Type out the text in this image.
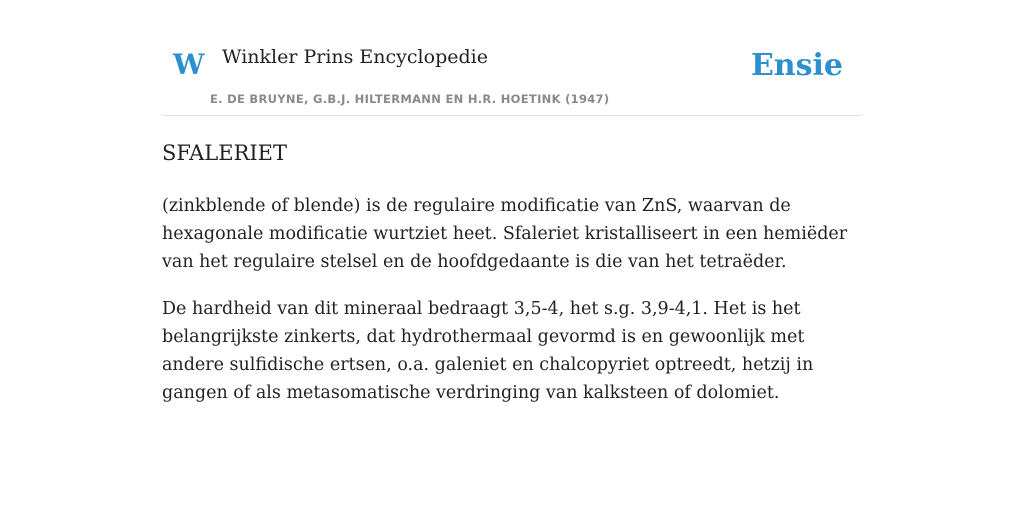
W Winkler Prins Encyclopedie
E. DE BRUYNE, G.B.J. HILTERMANN EN H.R. HOETINK (1947)
Ensie
SFALERIET

(zinkblende of blende) is de regulaire modificatie van ZnS, waarvan de hexagonale modificatie wurtziet heet. Sfaleriet kristalliseert in een hemiëder van het regulaire stelsel en de hoofdgedaante is die van het tetraëder.

De hardheid van dit mineraal bedraagt 3,5-4, het s.g. 3,9-4,1. Het is het belangrijkste zinkerts, dat hydrothermaal gevormd is en gewoonlijk met andere sulfidische ertsen, o.a. galeniet en chalcopyriet optreedt, hetzij in gangen of als metasomatische verdringing van kalksteen of dolomiet.
